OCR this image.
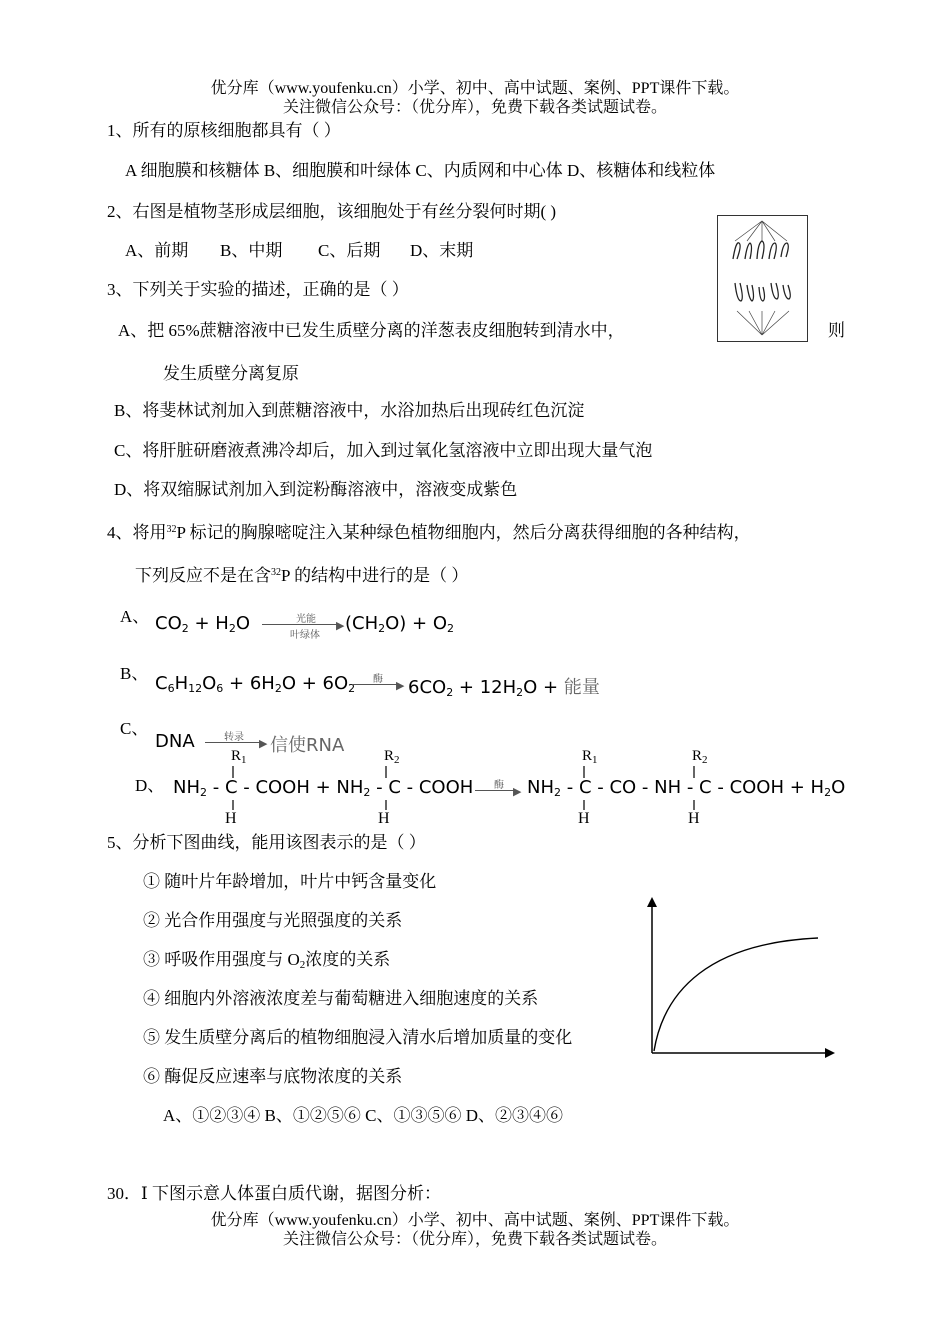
优分库（www.youfenku.cn）小学、初中、高中试题、案例、PPT课件下载。
关注微信公众号：（优分库），免费下载各类试题试卷。
1、所有的原核细胞都具有（ ）
A 细胞膜和核糖体 B、细胞膜和叶绿体 C、内质网和中心体 D、核糖体和线粒体
2、右图是植物茎形成层细胞，该细胞处于有丝分裂何时期( )
A、前期 B、中期 C、后期 D、末期
3、下列关于实验的描述，正确的是（ ）
A、把 65%蔗糖溶液中已发生质壁分离的洋葱表皮细胞转到清水中，	则
发生质壁分离复原
B、将斐林试剂加入到蔗糖溶液中，水浴加热后出现砖红色沉淀
C、将肝脏研磨液煮沸冷却后，加入到过氧化氢溶液中立即出现大量气泡
D、将双缩脲试剂加入到淀粉酶溶液中，溶液变成紫色
4、将用$^{32}$P 标记的胸腺嘧啶注入某种绿色植物细胞内，然后分离获得细胞的各种结构，
下列反应不是在含$^{32}$P 的结构中进行的是（ ）
A、 $CO_2 + H_2O$	光能
▶
叶绿体
$(CH_2O) + O_2$
B、 $C_6H_{12}O_6 + 6H_2O + 6O_2$
酶
▶ $6CO_2 + 12H_2O$ + 能量
C、
DNA	转录
▶ 信使RNA
D、 $NH_2$ - C - COOH + $NH_2$ - C - COOH	酶
▶ $NH_2$ - C - CO - NH - C - COOH + $H_2O$
$R_1$	$R_2$	$R_1$	$R_2$
H	H	H	H
5、分析下图曲线，能用该图表示的是（ ）
① 随叶片年龄增加，叶片中钙含量变化
② 光合作用强度与光照强度的关系
③ 呼吸作用强度与 $O_2$浓度的关系
④ 细胞内外溶液浓度差与葡萄糖进入细胞速度的关系
⑤ 发生质壁分离后的植物细胞浸入清水后增加质量的变化
⑥ 酶促反应速率与底物浓度的关系
A、①②③④ B、①②⑤⑥ C、①③⑤⑥ D、②③④⑥
30．Ⅰ 下图示意人体蛋白质代谢，据图分析：
优分库（www.youfenku.cn）小学、初中、高中试题、案例、PPT课件下载。
关注微信公众号：（优分库），免费下载各类试题试卷。
